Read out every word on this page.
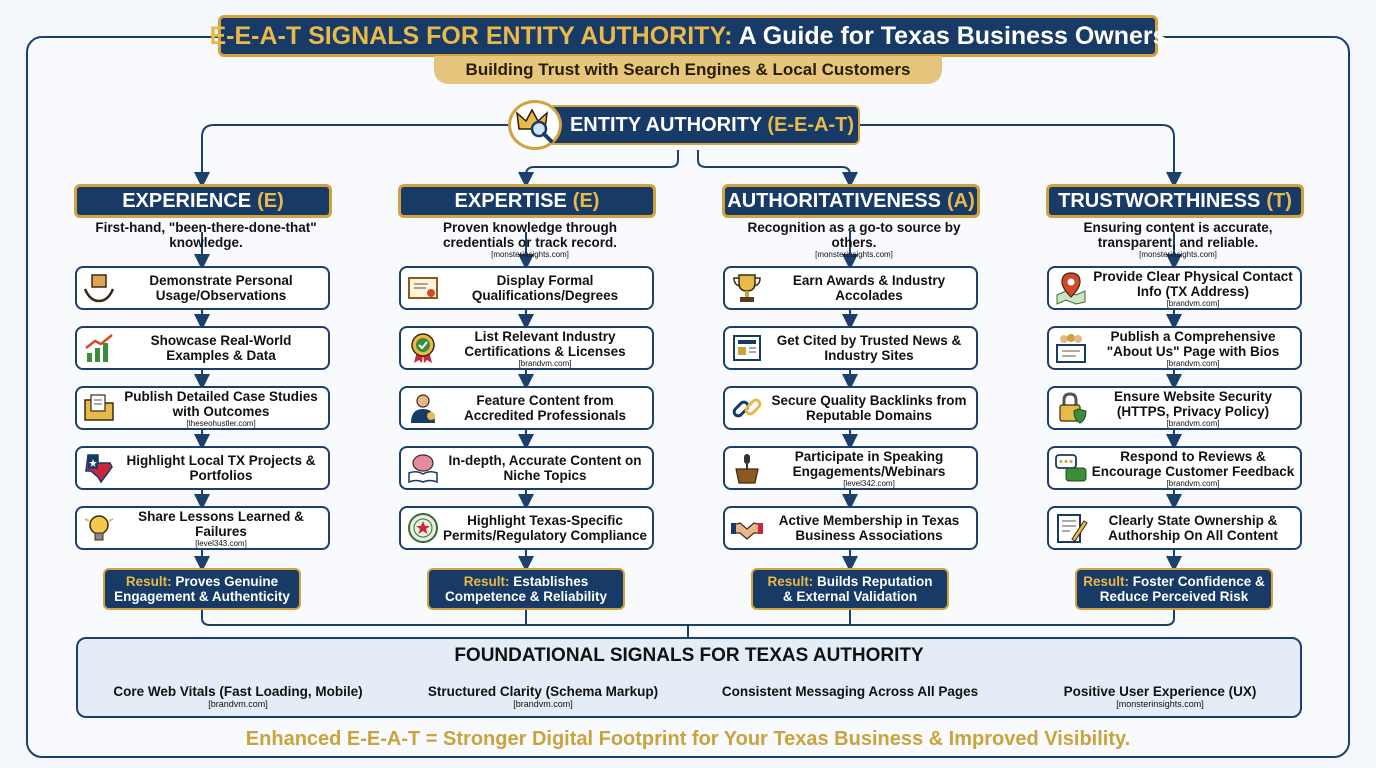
E-E-A-T SIGNALS FOR ENTITY AUTHORITY: A Guide for Texas Business Owners
Building Trust with Search Engines & Local Customers
ENTITY AUTHORITY (E-E-A-T)
EXPERIENCE (E)
First-hand, "been-there-done-that" knowledge.
EXPERTISE (E)
Proven knowledge through credentials or track record.
[monsterinsights.com]
AUTHORITATIVENESS (A)
Recognition as a go-to source by others.
[monsterinsights.com]
TRUSTWORTHINESS (T)
Ensuring content is accurate, transparent, and reliable.
[monsterinsights.com]
Demonstrate Personal Usage/Observations
Showcase Real-World Examples & Data
Publish Detailed Case Studies with Outcomes
[theseohustler.com]
Highlight Local TX Projects & Portfolios
Share Lessons Learned & Failures
[level343.com]
Display Formal Qualifications/Degrees
List Relevant Industry Certifications & Licenses
[brandvm.com]
Feature Content from Accredited Professionals
In-depth, Accurate Content on Niche Topics
Highlight Texas-Specific Permits/Regulatory Compliance
Earn Awards & Industry Accolades
Get Cited by Trusted News & Industry Sites
Secure Quality Backlinks from Reputable Domains
Participate in Speaking Engagements/Webinars
[level342.com]
Active Membership in Texas Business Associations
Provide Clear Physical Contact Info (TX Address)
[brandvm.com]
Publish a Comprehensive "About Us" Page with Bios
[brandvm.com]
Ensure Website Security (HTTPS, Privacy Policy)
[brandvm.com]
Respond to Reviews & Encourage Customer Feedback
[brandvm.com]
Clearly State Ownership & Authorship On All Content
Result: Proves Genuine
Engagement & Authenticity
Result: Establishes
Competence & Reliability
Result: Builds Reputation
& External Validation
Result: Foster Confidence &
Reduce Perceived Risk
FOUNDATIONAL SIGNALS FOR TEXAS AUTHORITY
Core Web Vitals (Fast Loading, Mobile)
[brandvm.com]
Structured Clarity (Schema Markup)
[brandvm.com]
Consistent Messaging Across All Pages	Positive User Experience (UX)
[monsterinsights.com]
Enhanced E-E-A-T = Stronger Digital Footprint for Your Texas Business & Improved Visibility.
